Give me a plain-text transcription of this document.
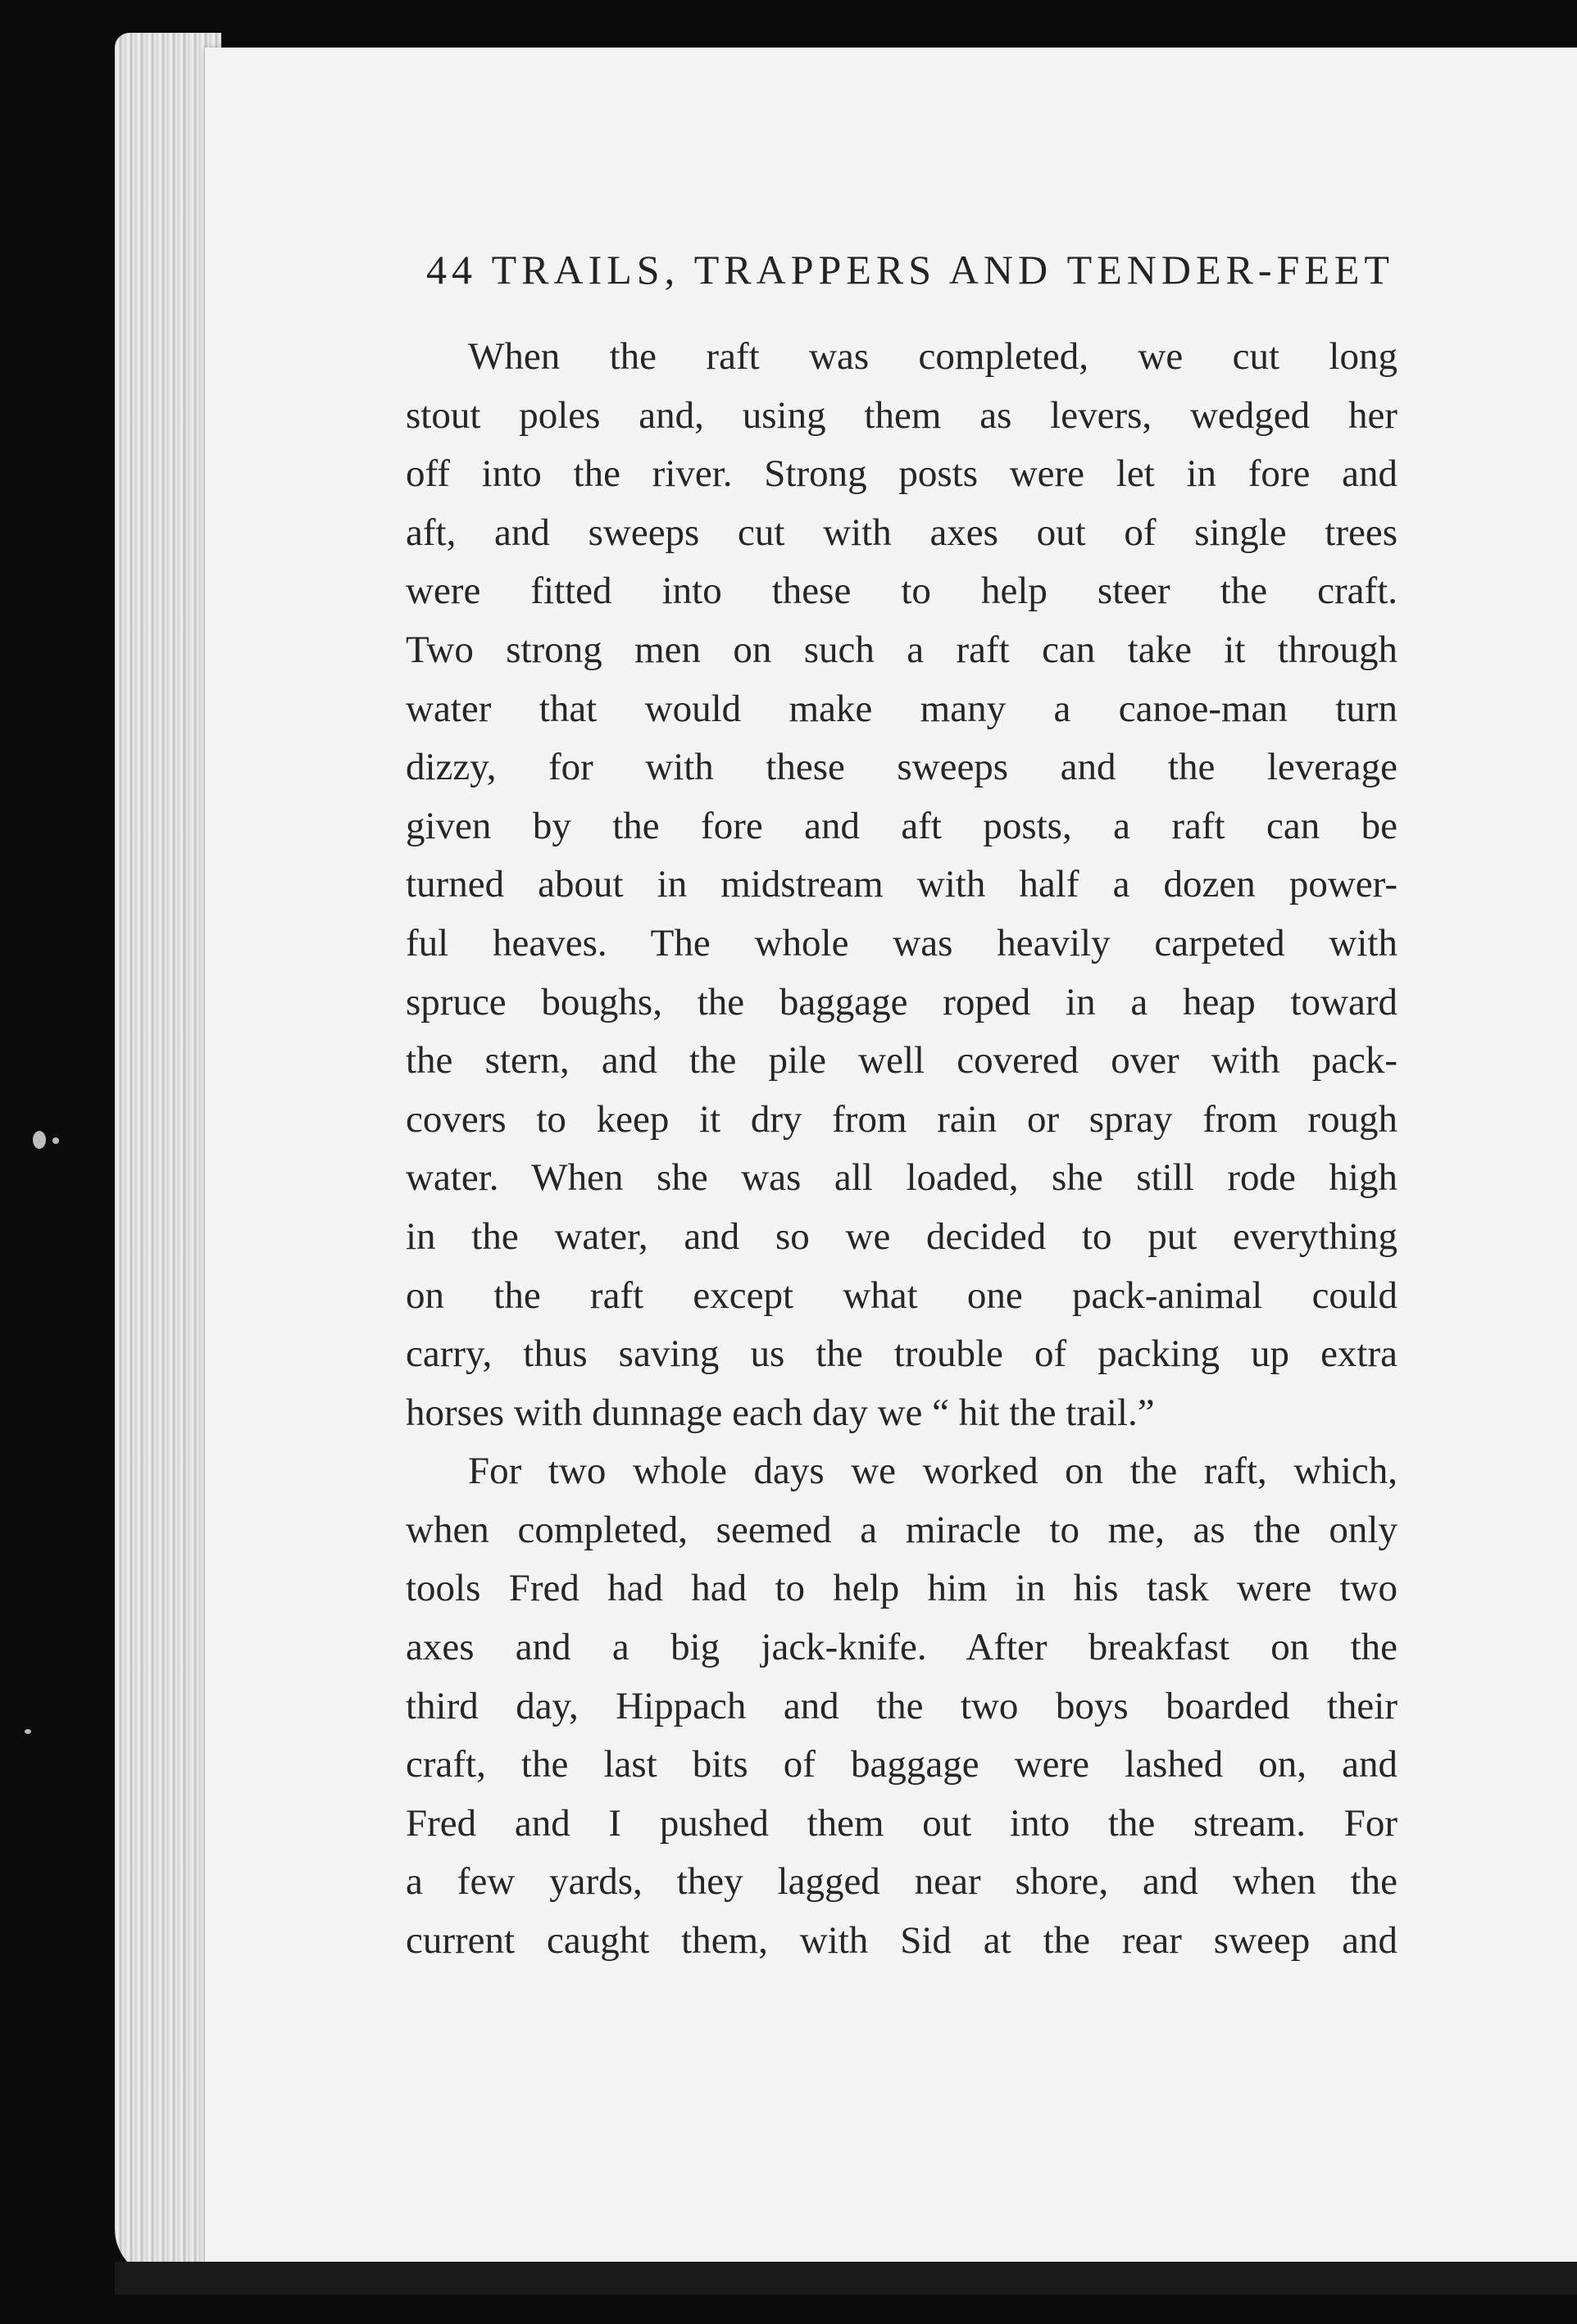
44 TRAILS, TRAPPERS AND TENDER-FEET
When the raft was completed, we cut long
stout poles and, using them as levers, wedged her
off into the river. Strong posts were let in fore and
aft, and sweeps cut with axes out of single trees
were fitted into these to help steer the craft.
Two strong men on such a raft can take it through
water that would make many a canoe-man turn
dizzy, for with these sweeps and the leverage
given by the fore and aft posts, a raft can be
turned about in midstream with half a dozen power-
ful heaves. The whole was heavily carpeted with
spruce boughs, the baggage roped in a heap toward
the stern, and the pile well covered over with pack-
covers to keep it dry from rain or spray from rough
water. When she was all loaded, she still rode high
in the water, and so we decided to put everything
on the raft except what one pack-animal could
carry, thus saving us the trouble of packing up extra
horses with dunnage each day we “ hit the trail.”
For two whole days we worked on the raft, which,
when completed, seemed a miracle to me, as the only
tools Fred had had to help him in his task were two
axes and a big jack-knife. After breakfast on the
third day, Hippach and the two boys boarded their
craft, the last bits of baggage were lashed on, and
Fred and I pushed them out into the stream. For
a few yards, they lagged near shore, and when the
current caught them, with Sid at the rear sweep and
